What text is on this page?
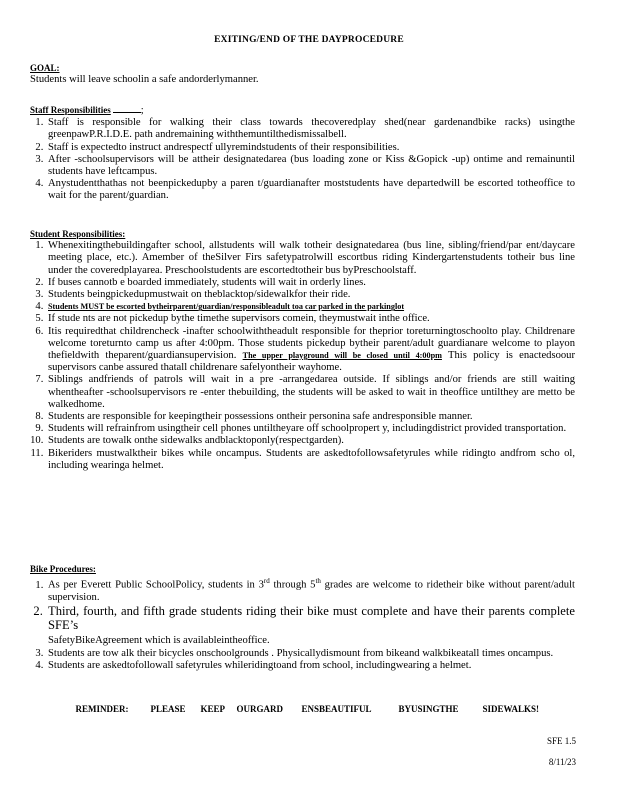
EXITING/END OF THE DAYPROCEDURE
GOAL:

Students will leave schoolin a safe andorderlymanner.

Staff Responsibilities	;
1. Staff is responsible for walking their class towards thecoveredplay shed(near gardenandbike racks) usingthe greenpawP.R.I.D.E. path andremaining withthemuntilthedismissalbell.
2. Staff is expectedto instruct andrespectf ullyremindstudents of their responsibilities.
3. After -schoolsupervisors will be attheir designatedarea (bus loading zone or Kiss &Gopick -up) ontime and remainuntil students have leftcampus.
4. Anystudentthathas not beenpickedupby a paren t/guardianafter moststudents have departedwill be escorted totheoffice to wait for the parent/guardian.
Student Responsibilities:
1. Whenexitingthebuildingafter school, allstudents will walk totheir designatedarea (bus line, sibling/friend/par ent/daycare meeting place, etc.). Amember of theSilver Firs safetypatrolwill escortbus riding Kindergartenstudents totheir bus line under the coveredplayarea. Preschoolstudents are escortedtotheir bus byPreschoolstaff.
2. If buses cannotb e boarded immediately, students will wait in orderly lines.
3. Students beingpickedupmustwait on theblacktop/sidewalkfor their ride.
4. Students MUST be escorted bytheirparent/guardian/responsibleadult toa car parked in the parkinglot
5. If stude nts are not pickedup bythe timethe supervisors comein, theymustwait inthe office.
6. Itis requiredthat childrencheck -inafter schoolwiththeadult responsible for theprior toreturningtoschoolto play. Childrenare welcome toreturnto camp us after 4:00pm. Those students pickedup bytheir parent/adult guardianare welcome to playon thefieldwith theparent/guardiansupervision. The upper playground will be closed until 4:00pm This policy is enactedsoour supervisors canbe assured thatall childrenare safelyontheir wayhome.
7. Siblings andfriends of patrols will wait in a pre -arrangedarea outside. If siblings and/or friends are still waiting whentheafter -schoolsupervisors re -enter thebuilding, the students will be asked to wait in theoffice untilthey are metto be walkedhome.
8. Students are responsible for keepingtheir possessions ontheir personina safe andresponsible manner.
9. Students will refrainfrom usingtheir cell phones untiltheyare off schoolpropert y, includingdistrict provided transportation.
10. Students are towalk onthe sidewalks andblacktoponly(respectgarden).
11. Bikeriders mustwalktheir bikes while oncampus. Students are askedtofollowsafetyrules while ridingto andfrom scho ol, including wearinga helmet.
Bike Procedures:
1. As per Everett Public SchoolPolicy, students in 3rd through 5th grades are welcome to ridetheir bike without parent/adult supervision.
2. Third, fourth, and fifth grade students riding their bike must complete and have their parents complete SFE’s
SafetyBikeAgreement which is availableintheoffice.
3. Students are tow alk their bicycles onschoolgrounds . Physicallydismount from bikeand walkbikeatall times oncampus.
4. Students are askedtofollowall safetyrules whileridingtoand from school, includingwearing a helmet.
REMINDER:	PLEASE	KEEP	OURGARD	ENSBEAUTIFUL	BYUSINGTHE	SIDEWALKS!
SFE 1.5
8/11/23
